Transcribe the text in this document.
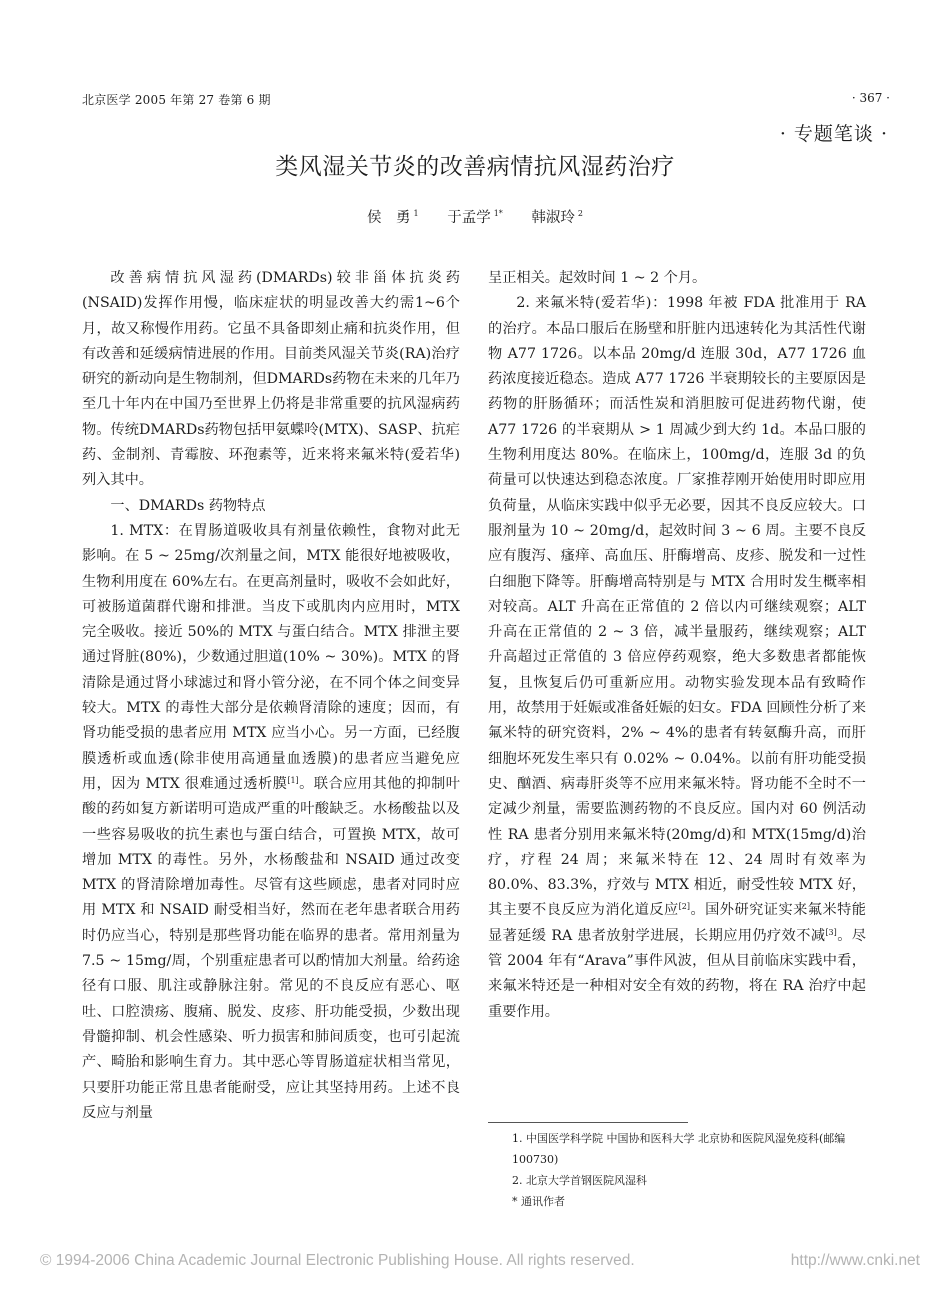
北京医学 2005 年第 27 卷第 6 期	· 367 ·
· 专题笔谈 ·
类风湿关节炎的改善病情抗风湿药治疗
侯　勇 $^1$ 于孟学 $^{1*}$ 韩淑玲 $^2$

改善病情抗风湿药(DMARDs)较非甾体抗炎药(NSAID)发挥作用慢，临床症状的明显改善大约需1~6个月，故又称慢作用药。它虽不具备即刻止痛和抗炎作用，但有改善和延缓病情进展的作用。目前类风湿关节炎(RA)治疗研究的新动向是生物制剂，但DMARDs药物在未来的几年乃至几十年内在中国乃至世界上仍将是非常重要的抗风湿病药物。传统DMARDs药物包括甲氨蝶呤(MTX)、SASP、抗疟药、金制剂、青霉胺、环孢素等，近来将来氟米特(爱若华)列入其中。

一、DMARDs 药物特点

1. MTX：在胃肠道吸收具有剂量依赖性，食物对此无影响。在 5 ~ 25mg/次剂量之间，MTX 能很好地被吸收，生物利用度在 60%左右。在更高剂量时，吸收不会如此好，可被肠道菌群代谢和排泄。当皮下或肌肉内应用时，MTX 完全吸收。接近 50%的 MTX 与蛋白结合。MTX 排泄主要通过肾脏(80%)，少数通过胆道(10% ~ 30%)。MTX 的肾清除是通过肾小球滤过和肾小管分泌，在不同个体之间变异较大。MTX 的毒性大部分是依赖肾清除的速度；因而，有肾功能受损的患者应用 MTX 应当小心。另一方面，已经腹膜透析或血透(除非使用高通量血透膜)的患者应当避免应用，因为 MTX 很难通过透析膜[1]。联合应用其他的抑制叶酸的药如复方新诺明可造成严重的叶酸缺乏。水杨酸盐以及一些容易吸收的抗生素也与蛋白结合，可置换 MTX，故可增加 MTX 的毒性。另外，水杨酸盐和 NSAID 通过改变 MTX 的肾清除增加毒性。尽管有这些顾虑，患者对同时应用 MTX 和 NSAID 耐受相当好，然而在老年患者联合用药时仍应当心，特别是那些肾功能在临界的患者。常用剂量为 7.5 ~ 15mg/周，个别重症患者可以酌情加大剂量。给药途径有口服、肌注或静脉注射。常见的不良反应有恶心、呕吐、口腔溃疡、腹痛、脱发、皮疹、肝功能受损，少数出现骨髓抑制、机会性感染、听力损害和肺间质变，也可引起流产、畸胎和影响生育力。其中恶心等胃肠道症状相当常见，只要肝功能正常且患者能耐受，应让其坚持用药。上述不良反应与剂量

呈正相关。起效时间 1 ~ 2 个月。

2. 来氟米特(爱若华)：1998 年被 FDA 批准用于 RA 的治疗。本品口服后在肠壁和肝脏内迅速转化为其活性代谢物 A77 1726。以本品 20mg/d 连服 30d，A77 1726 血药浓度接近稳态。造成 A77 1726 半衰期较长的主要原因是药物的肝肠循环；而活性炭和消胆胺可促进药物代谢，使 A77 1726 的半衰期从 > 1 周减少到大约 1d。本品口服的生物利用度达 80%。在临床上，100mg/d，连服 3d 的负荷量可以快速达到稳态浓度。厂家推荐刚开始使用时即应用负荷量，从临床实践中似乎无必要，因其不良反应较大。口服剂量为 10 ~ 20mg/d，起效时间 3 ~ 6 周。主要不良反应有腹泻、瘙痒、高血压、肝酶增高、皮疹、脱发和一过性白细胞下降等。肝酶增高特别是与 MTX 合用时发生概率相对较高。ALT 升高在正常值的 2 倍以内可继续观察；ALT 升高在正常值的 2 ~ 3 倍，减半量服药，继续观察；ALT 升高超过正常值的 3 倍应停药观察，绝大多数患者都能恢复，且恢复后仍可重新应用。动物实验发现本品有致畸作用，故禁用于妊娠或准备妊娠的妇女。FDA 回顾性分析了来氟米特的研究资料，2% ~ 4%的患者有转氨酶升高，而肝细胞坏死发生率只有 0.02% ~ 0.04%。以前有肝功能受损史、酗酒、病毒肝炎等不应用来氟米特。肾功能不全时不一定减少剂量，需要监测药物的不良反应。国内对 60 例活动性 RA 患者分别用来氟米特(20mg/d)和 MTX(15mg/d)治疗，疗程 24 周；来氟米特在 12、24 周时有效率为 80.0%、83.3%，疗效与 MTX 相近，耐受性较 MTX 好，其主要不良反应为消化道反应[2]。国外研究证实来氟米特能显著延缓 RA 患者放射学进展，长期应用仍疗效不减[3]。尽管 2004 年有“Arava”事件风波，但从目前临床实践中看，来氟米特还是一种相对安全有效的药物，将在 RA 治疗中起重要作用。

1. 中国医学科学院 中国协和医科大学 北京协和医院风湿免疫科(邮编 100730)
2. 北京大学首钢医院风湿科
* 通讯作者
© 1994-2006 China Academic Journal Electronic Publishing House. All rights reserved.	http://www.cnki.net
